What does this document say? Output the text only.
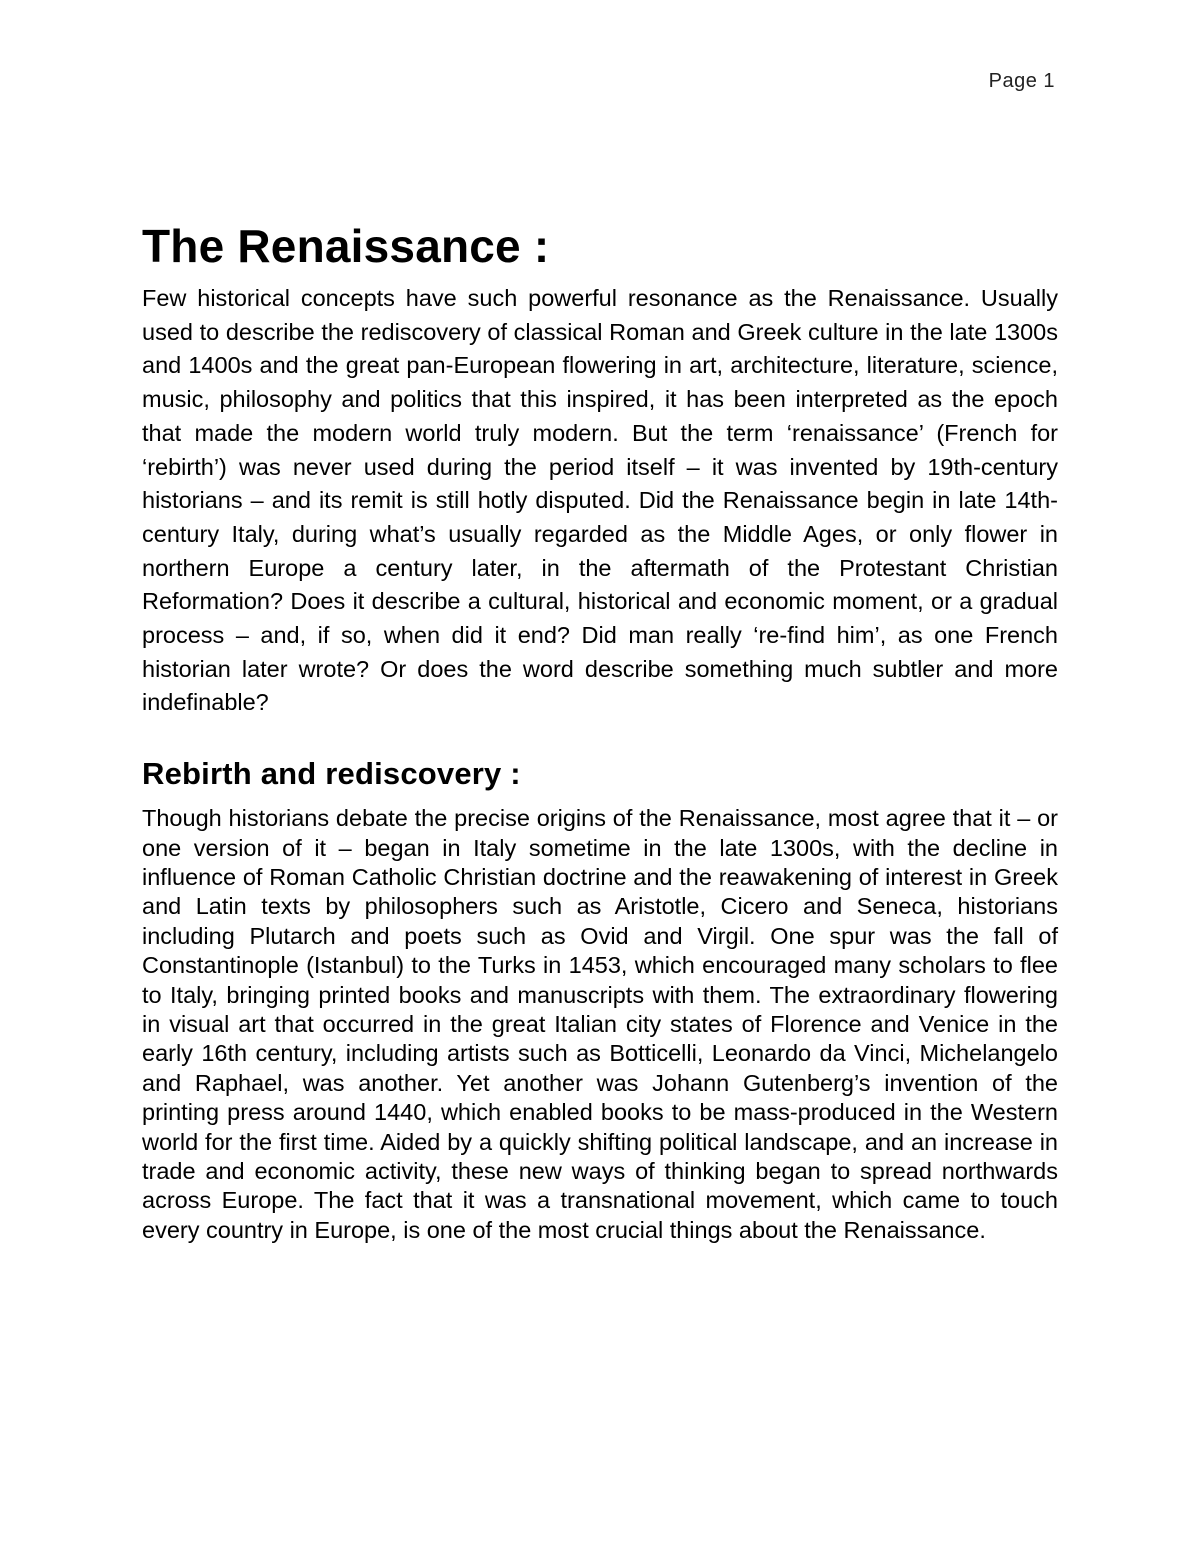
Page 1
The Renaissance :

Few historical concepts have such powerful resonance as the Renaissance. Usually used to describe the rediscovery of classical Roman and Greek culture in the late 1300s and 1400s and the great pan-European flowering in art, architecture, literature, science, music, philosophy and politics that this inspired, it has been interpreted as the epoch that made the modern world truly modern. But the term ‘renaissance’ (French for ‘rebirth’) was never used during the period itself – it was invented by 19th-century historians – and its remit is still hotly disputed. Did the Renaissance begin in late 14th-century Italy, during what’s usually regarded as the Middle Ages, or only flower in northern Europe a century later, in the aftermath of the Protestant Christian Reformation? Does it describe a cultural, historical and economic moment, or a gradual process – and, if so, when did it end? Did man really ‘re-find him’, as one French historian later wrote? Or does the word describe something much subtler and more indefinable?

Rebirth and rediscovery :

Though historians debate the precise origins of the Renaissance, most agree that it – or one version of it – began in Italy sometime in the late 1300s, with the decline in influence of Roman Catholic Christian doctrine and the reawakening of interest in Greek and Latin texts by philosophers such as Aristotle, Cicero and Seneca, historians including Plutarch and poets such as Ovid and Virgil. One spur was the fall of Constantinople (Istanbul) to the Turks in 1453, which encouraged many scholars to flee to Italy, bringing printed books and manuscripts with them. The extraordinary flowering in visual art that occurred in the great Italian city states of Florence and Venice in the early 16th century, including artists such as Botticelli, Leonardo da Vinci, Michelangelo and Raphael, was another. Yet another was Johann Gutenberg’s invention of the printing press around 1440, which enabled books to be mass-produced in the Western world for the first time. Aided by a quickly shifting political landscape, and an increase in trade and economic activity, these new ways of thinking began to spread northwards across Europe. The fact that it was a transnational movement, which came to touch every country in Europe, is one of the most crucial things about the Renaissance.
